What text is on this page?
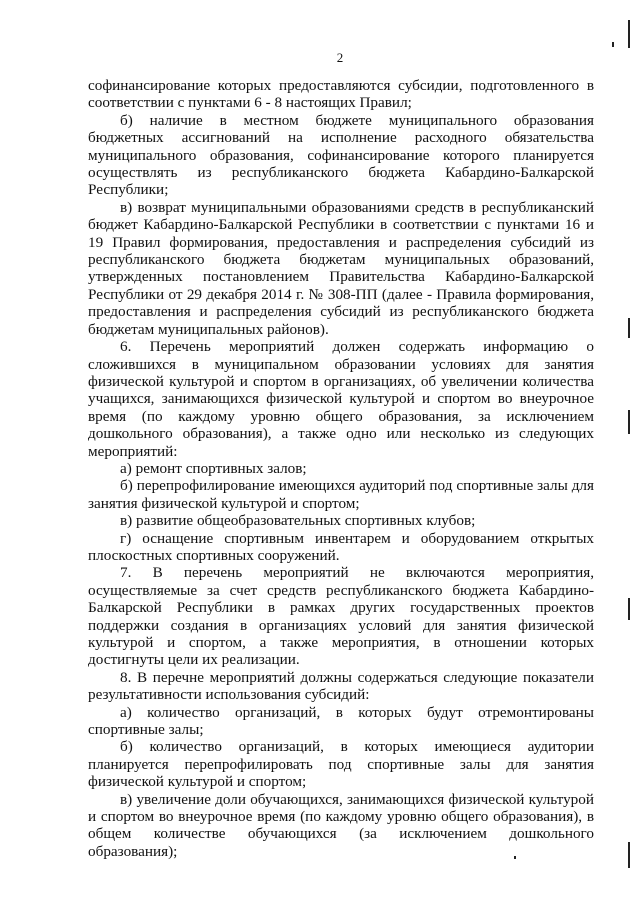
2

софинансирование которых предоставляются субсидии, подготовленного в соответствии с пунктами 6 - 8 настоящих Правил;

б) наличие в местном бюджете муниципального образования бюджетных ассигнований на исполнение расходного обязательства муниципального образования, софинансирование которого планируется осуществлять из республиканского бюджета Кабардино-Балкарской Республики;

в) возврат муниципальными образованиями средств в республиканский бюджет Кабардино-Балкарской Республики в соответствии с пунктами 16 и 19 Правил формирования, предоставления и распределения субсидий из республиканского бюджета бюджетам муниципальных образований, утвержденных постановлением Правительства Кабардино-Балкарской Республики от 29 декабря 2014 г. № 308-ПП (далее - Правила формирования, предоставления и распределения субсидий из республиканского бюджета бюджетам муниципальных районов).

6. Перечень мероприятий должен содержать информацию о сложившихся в муниципальном образовании условиях для занятия физической культурой и спортом в организациях, об увеличении количества учащихся, занимающихся физической культурой и спортом во внеурочное время (по каждому уровню общего образования, за исключением дошкольного образования), а также одно или несколько из следующих мероприятий:

а) ремонт спортивных залов;

б) перепрофилирование имеющихся аудиторий под спортивные залы для занятия физической культурой и спортом;

в) развитие общеобразовательных спортивных клубов;

г) оснащение спортивным инвентарем и оборудованием открытых плоскостных спортивных сооружений.

7. В перечень мероприятий не включаются мероприятия, осуществляемые за счет средств республиканского бюджета Кабардино-Балкарской Республики в рамках других государственных проектов поддержки создания в организациях условий для занятия физической культурой и спортом, а также мероприятия, в отношении которых достигнуты цели их реализации.

8. В перечне мероприятий должны содержаться следующие показатели результативности использования субсидий:

а) количество организаций, в которых будут отремонтированы спортивные залы;

б) количество организаций, в которых имеющиеся аудитории планируется перепрофилировать под спортивные залы для занятия физической культурой и спортом;

в) увеличение доли обучающихся, занимающихся физической культурой и спортом во внеурочное время (по каждому уровню общего образования), в общем количестве обучающихся (за исключением дошкольного образования);
